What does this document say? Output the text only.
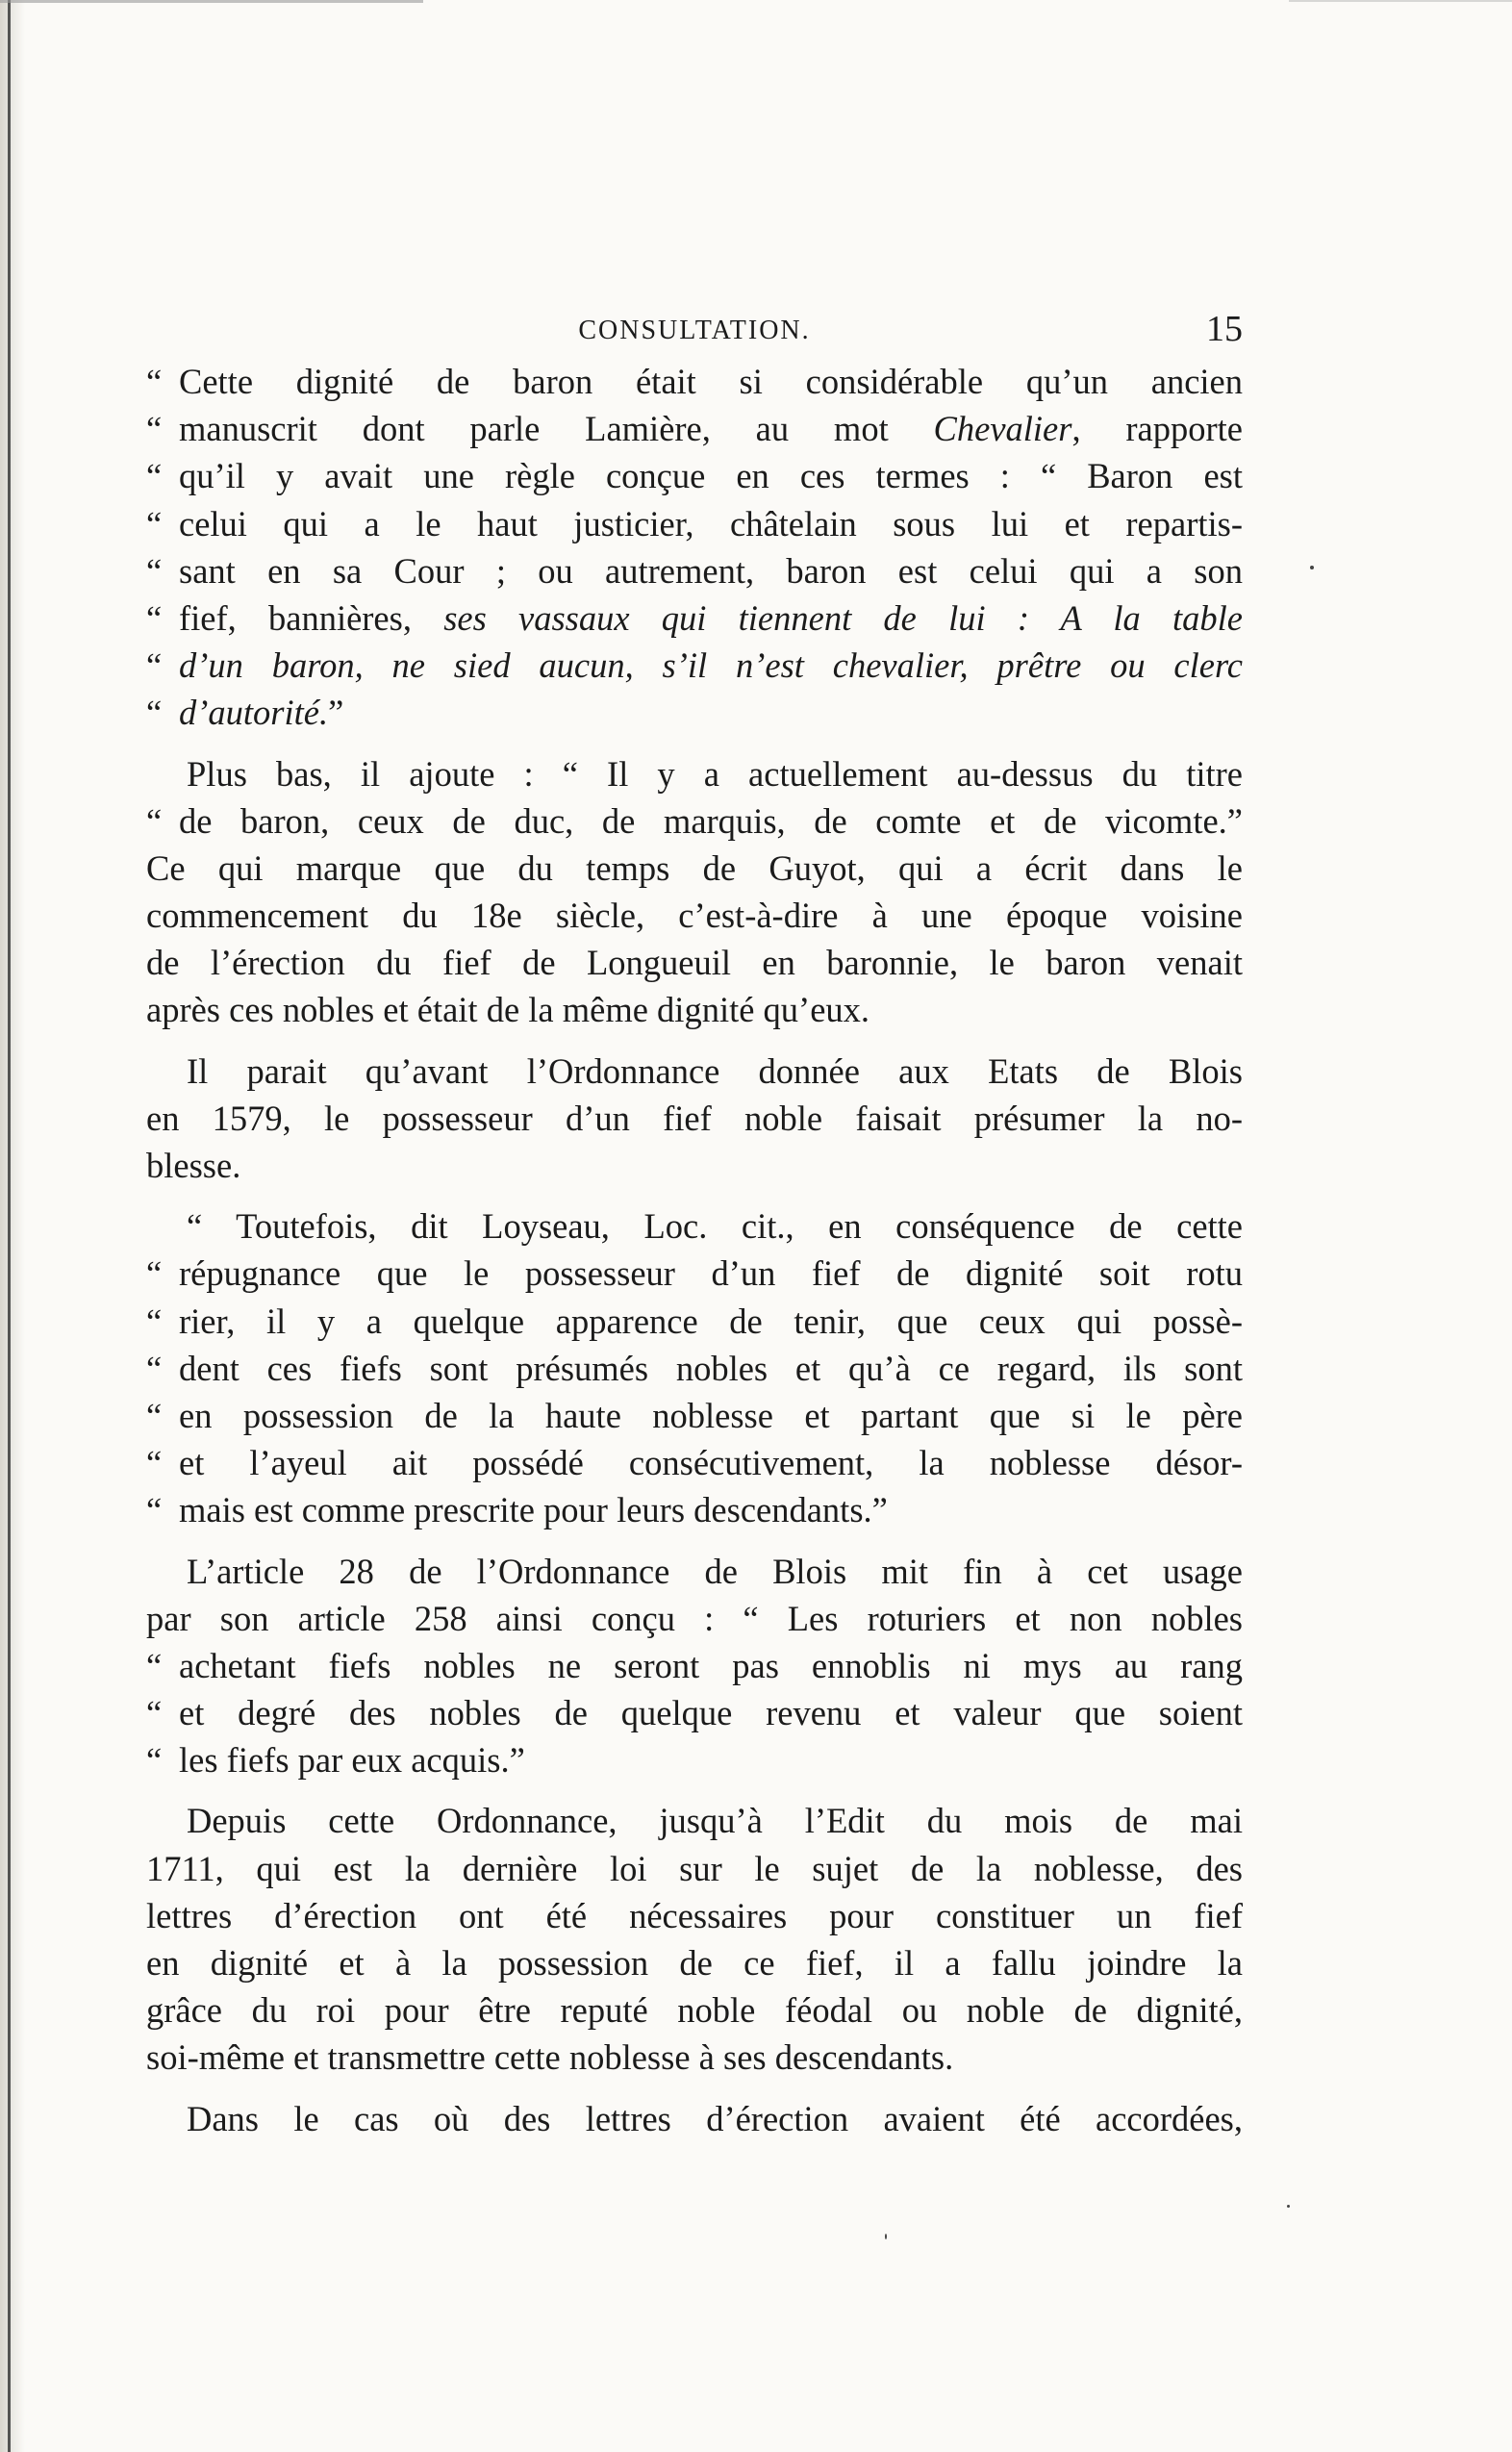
CONSULTATION.	15
“ Cette dignité de baron était si considérable qu’un ancien
“ manuscrit dont parle Lamière, au mot Chevalier, rapporte
“ qu’il y avait une règle conçue en ces termes : “ Baron est
“ celui qui a le haut justicier, châtelain sous lui et repartis-
“ sant en sa Cour ; ou autrement, baron est celui qui a son
“ fief, bannières, ses vassaux qui tiennent de lui : A la table
“ d’un baron, ne sied aucun, s’il n’est chevalier, prêtre ou clerc
“ d’autorité.”
Plus bas, il ajoute : “ Il y a actuellement au-dessus du titre
“ de baron, ceux de duc, de marquis, de comte et de vicomte.”
Ce qui marque que du temps de Guyot, qui a écrit dans le
commencement du 18e siècle, c’est-à-dire à une époque voisine
de l’érection du fief de Longueuil en baronnie, le baron venait
après ces nobles et était de la même dignité qu’eux.
Il parait qu’avant l’Ordonnance donnée aux Etats de Blois
en 1579, le possesseur d’un fief noble faisait présumer la no-
blesse.
“ Toutefois, dit Loyseau, Loc. cit., en conséquence de cette
“ répugnance que le possesseur d’un fief de dignité soit rotu
“ rier, il y a quelque apparence de tenir, que ceux qui possè-
“ dent ces fiefs sont présumés nobles et qu’à ce regard, ils sont
“ en possession de la haute noblesse et partant que si le père
“ et l’ayeul ait possédé consécutivement, la noblesse désor-
“ mais est comme prescrite pour leurs descendants.”
L’article 28 de l’Ordonnance de Blois mit fin à cet usage
par son article 258 ainsi conçu : “ Les roturiers et non nobles
“ achetant fiefs nobles ne seront pas ennoblis ni mys au rang
“ et degré des nobles de quelque revenu et valeur que soient
“ les fiefs par eux acquis.”
Depuis cette Ordonnance, jusqu’à l’Edit du mois de mai
1711, qui est la dernière loi sur le sujet de la noblesse, des
lettres d’érection ont été nécessaires pour constituer un fief
en dignité et à la possession de ce fief, il a fallu joindre la
grâce du roi pour être reputé noble féodal ou noble de dignité,
soi-même et transmettre cette noblesse à ses descendants.
Dans le cas où des lettres d’érection avaient été accordées,
